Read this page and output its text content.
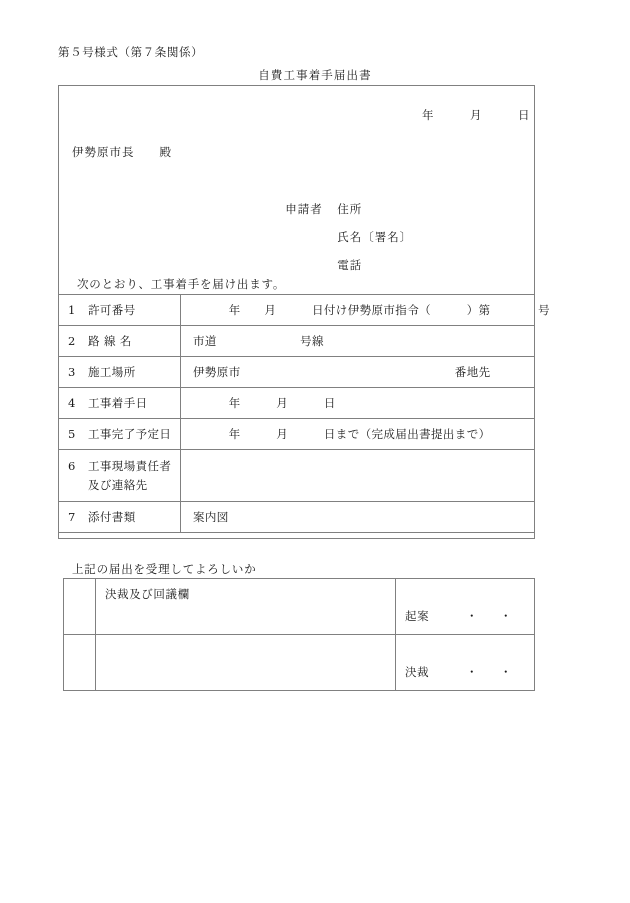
第５号様式（第７条関係）
自費工事着手届出書
年　　　月　　　日
伊勢原市長　　殿

申請者 住所

氏名〔署名〕

電話

次のとおり、工事着手を届け出ます。
1 許可番号	　　　年　　月　　　日付け伊勢原市指令（　　　）第　　　　号
2 路 線 名	市道　　　　　　　号線
3 施工場所	伊勢原市　　　　　　　　　　　　　　　　　　番地先
4 工事着手日	　　　年　　　月　　　日
5 工事完了予定日	　　　年　　　月　　　日まで（完成届出書提出まで）
6 工事現場責任者
及び連絡先	

7 添付書類	案内図
上記の届出を受理してよろしいか
	決裁及び回議欄	起案 ・ ・
		決裁 ・ ・
